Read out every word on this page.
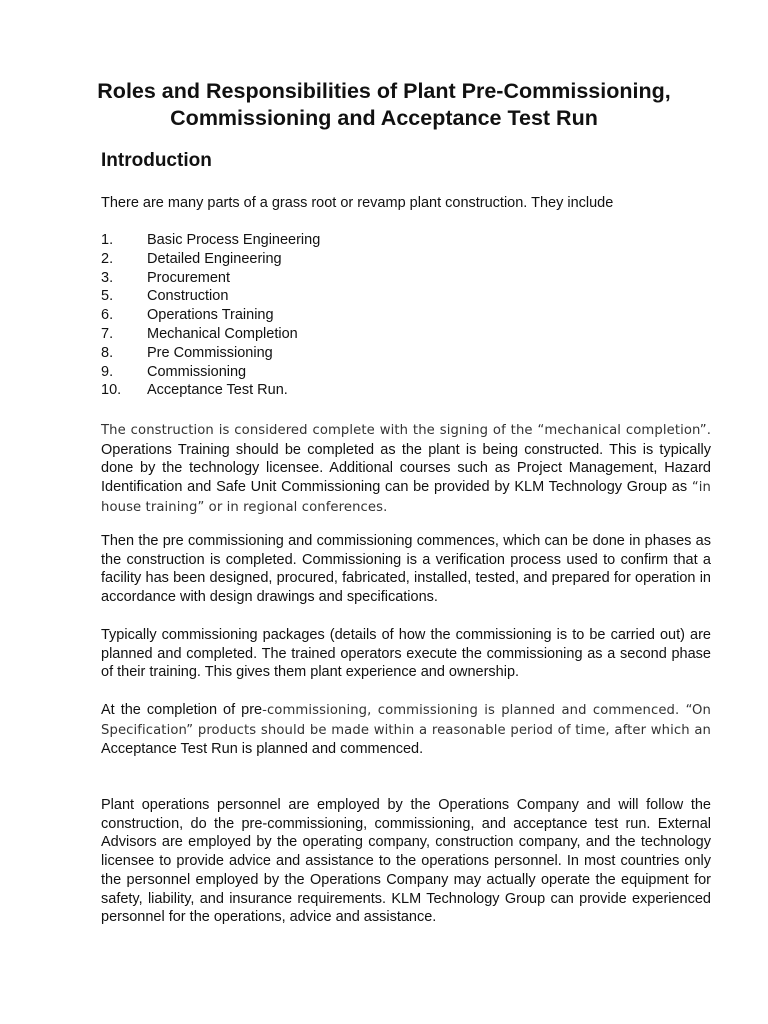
Roles and Responsibilities of Plant Pre-Commissioning,
Commissioning and Acceptance Test Run
Introduction

There are many parts of a grass root or revamp plant construction. They include

1.	Basic Process Engineering
2.	Detailed Engineering
3.	Procurement
5.	Construction
6.	Operations Training
7.	Mechanical Completion
8.	Pre Commissioning
9.	Commissioning
10.	Acceptance Test Run.

The construction is considered complete with the signing of the “mechanical completion”. Operations Training should be completed as the plant is being constructed. This is typically done by the technology licensee. Additional courses such as Project Management, Hazard Identification and Safe Unit Commissioning can be provided by KLM Technology Group as “in house training” or in regional conferences.

Then the pre commissioning and commissioning commences, which can be done in phases as the construction is completed. Commissioning is a verification process used to confirm that a facility has been designed, procured, fabricated, installed, tested, and prepared for operation in accordance with design drawings and specifications.

Typically commissioning packages (details of how the commissioning is to be carried out) are planned and completed. The trained operators execute the commissioning as a second phase of their training. This gives them plant experience and ownership.

At the completion of pre-commissioning, commissioning is planned and commenced. “On Specification” products should be made within a reasonable period of time, after which an Acceptance Test Run is planned and commenced.

Plant operations personnel are employed by the Operations Company and will follow the construction, do the pre-commissioning, commissioning, and acceptance test run. External Advisors are employed by the operating company, construction company, and the technology licensee to provide advice and assistance to the operations personnel. In most countries only the personnel employed by the Operations Company may actually operate the equipment for safety, liability, and insurance requirements. KLM Technology Group can provide experienced personnel for the operations, advice and assistance.
